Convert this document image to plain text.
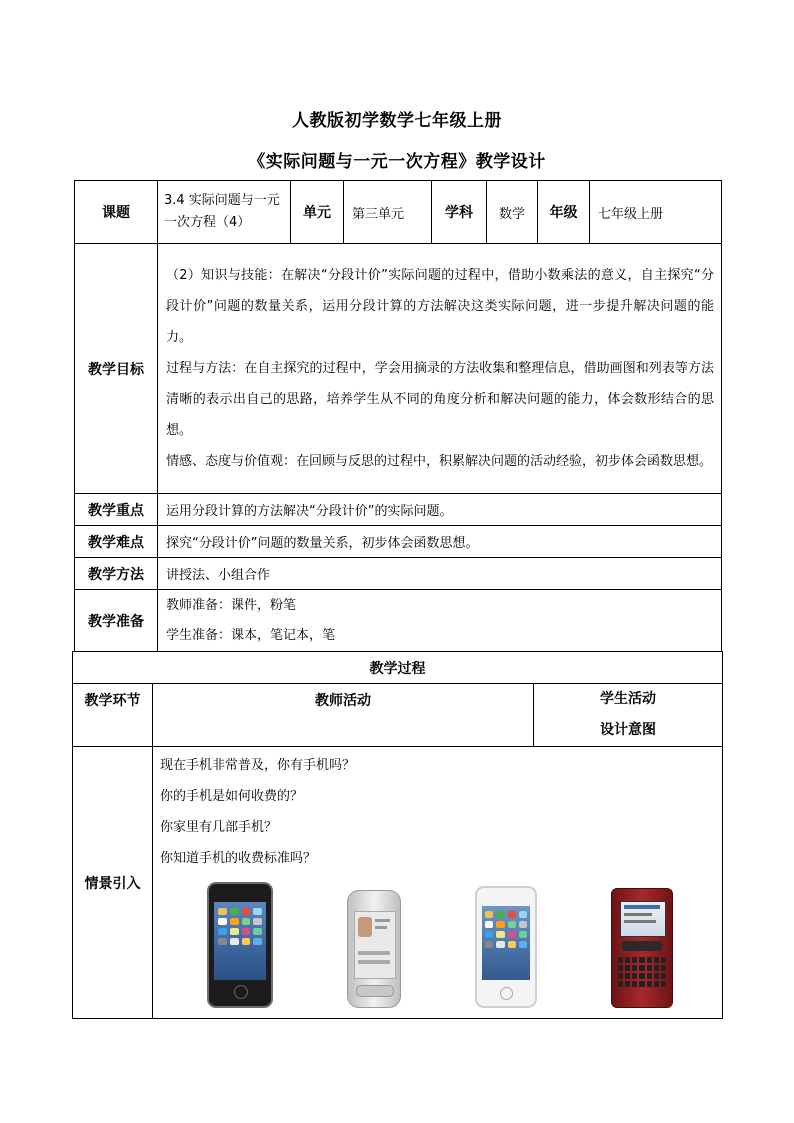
人教版初学数学七年级上册
《实际问题与一元一次方程》教学设计
课题	3.4 实际问题与一元一次方程（4）	单元	第三单元	学科	数学	年级	七年级上册
教学目标	（2）知识与技能：在解决“分段计价”实际问题的过程中，借助小数乘法的意义，自主探究“分段计价”问题的数量关系，运用分段计算的方法解决这类实际问题，进一步提升解决问题的能力。

过程与方法：在自主探究的过程中，学会用摘录的方法收集和整理信息，借助画图和列表等方法清晰的表示出自己的思路，培养学生从不同的角度分析和解决问题的能力，体会数形结合的思想。

情感、态度与价值观：在回顾与反思的过程中，积累解决问题的活动经验，初步体会函数思想。						

教学重点	运用分段计算的方法解决“分段计价”的实际问题。						
教学难点	探究“分段计价”问题的数量关系，初步体会函数思想。						
教学方法	讲授法、小组合作						
教学准备	教师准备：课件，粉笔
学生准备：课本，笔记本，笔						
教学过程		
教学环节	教师活动	学生活动
设计意图

情景引入	现在手机非常普及，你有手机吗？
你的手机是如何收费的？
你家里有几部手机？
你知道手机的收费标准吗？	
